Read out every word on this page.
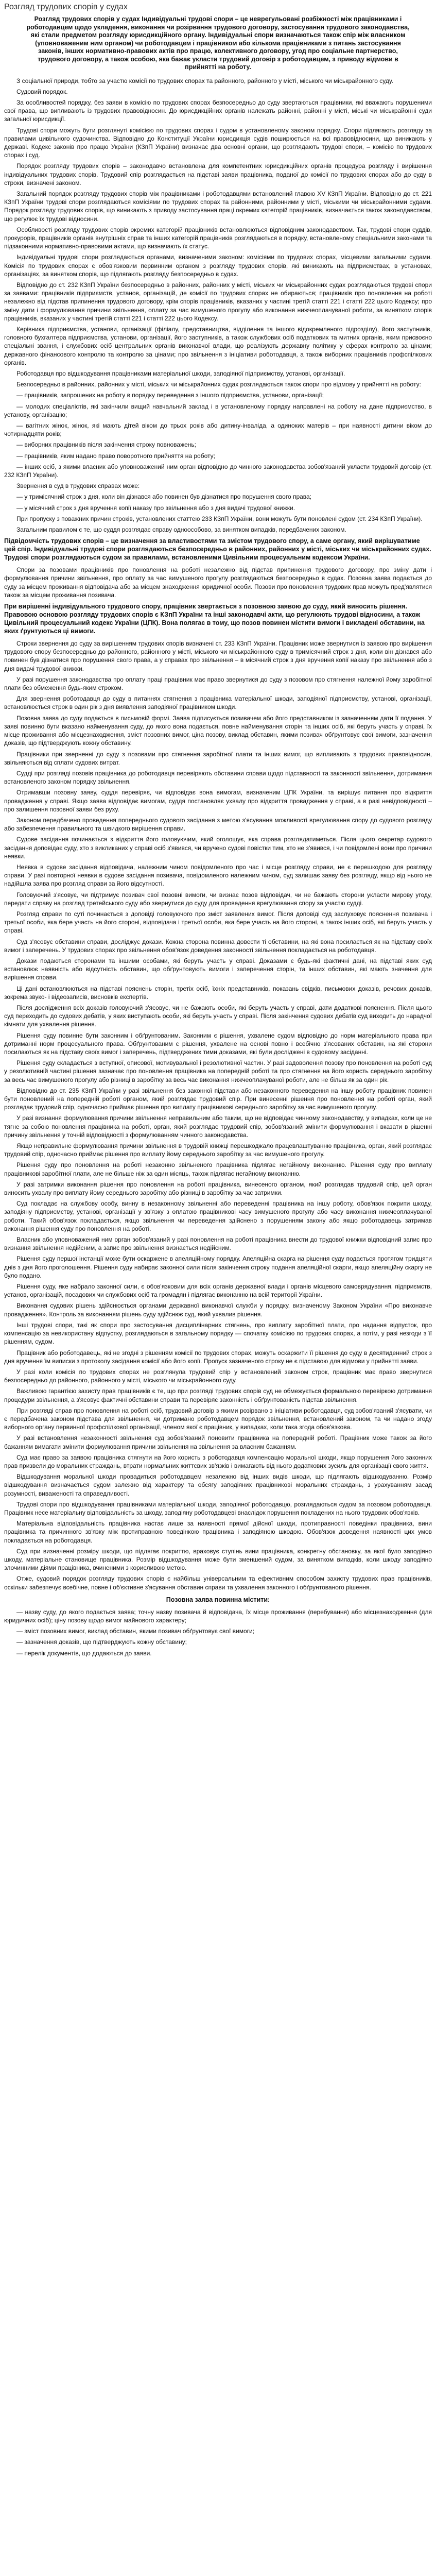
Розгляд трудових спорів у судах
Розгляд трудових спорів у судах Індивідуальні трудові спори – це неврегульовані розбіжності між працівниками і роботодавцем щодо укладення, виконання чи розірвання трудового договору, застосування трудового законодавства, які стали предметом розгляду юрисдикційного органу. Індивідуальні спори визначаються також спір між власником (уповноваженим ним органом) чи роботодавцем і працівником або кількома працівниками з питань застосування законів, інших нормативно-правових актів про працю, колективного договору, угод про соціальне партнерство, трудового договору, а також особою, яка бажає укласти трудовий договір з роботодавцем, з приводу відмови в прийнятті на роботу.
З соціальної природи, тобто за участю комісії по трудових спорах та районного, районного у місті, міського чи міськрайонного суду.
Судовий порядок.
За особливостей порядку, без заяви в комісію по трудових спорах безпосередньо до суду звертаються працівники, які вважають порушеними свої права, що випливають із трудових правовідносин. До юрисдикційних органів належать районні, районні у місті, міські чи міськрайонні суди загальної юрисдикції.
Трудові спори можуть бути розглянуті комісією по трудових спорах і судом в установленому законом порядку. Спори підлягають розгляду за правилами цивільного судочинства. Відповідно до Конституції України юрисдикція судів поширюється на всі правовідносини, що виникають у державі. Кодекс законів про працю України (КЗпП України) визначає два основні органи, що розглядають трудові спори, – комісію по трудових спорах і суд.
Порядок розгляду трудових спорів – законодавчо встановлена для компетентних юрисдикційних органів процедура розгляду і вирішення індивідуальних трудових спорів. Трудовий спір розглядається на підставі заяви працівника, поданої до комісії по трудових спорах або до суду в строки, визначені законом.
Загальний порядок розгляду трудових спорів між працівниками і роботодавцями встановлений главою XV КЗпП України. Відповідно до ст. 221 КЗпП України трудові спори розглядаються комісіями по трудових спорах та районними, районними у місті, міськими чи міськрайонними судами. Порядок розгляду трудових спорів, що виникають з приводу застосування праці окремих категорій працівників, визначається також законодавством, що регулює їх трудові відносини.
Особливості розгляду трудових спорів окремих категорій працівників встановлюються відповідним законодавством. Так, трудові спори суддів, прокурорів, працівників органів внутрішніх справ та інших категорій працівників розглядаються в порядку, встановленому спеціальними законами та підзаконними нормативно-правовими актами, що визначають їх статус.
Індивідуальні трудові спори розглядаються органами, визначеними законом: комісіями по трудових спорах, місцевими загальними судами. Комісія по трудових спорах є обов'язковим первинним органом з розгляду трудових спорів, які виникають на підприємствах, в установах, організаціях, за винятком спорів, що підлягають розгляду безпосередньо в судах.
Відповідно до ст. 232 КЗпП України безпосередньо в районних, районних у місті, міських чи міськрайонних судах розглядаються трудові спори за заявами: працівників підприємств, установ, організацій, де комісії по трудових спорах не обираються; працівників про поновлення на роботі незалежно від підстав припинення трудового договору, крім спорів працівників, вказаних у частині третій статті 221 і статті 222 цього Кодексу; про зміну дати і формулювання причини звільнення, оплату за час вимушеного прогулу або виконання нижчеоплачуваної роботи, за винятком спорів працівників, вказаних у частині третій статті 221 і статті 222 цього Кодексу.
Керівника підприємства, установи, організації (філіалу, представництва, відділення та іншого відокремленого підрозділу), його заступників, головного бухгалтера підприємства, установи, організації, його заступників, а також службових осіб податкових та митних органів, яким присвоєно спеціальні звання, і службових осіб центральних органів виконавчої влади, що реалізують державну політику у сферах контролю за цінами; державного фінансового контролю та контролю за цінами; про звільнення з ініціативи роботодавця, а також виборних працівників профспілкових органів.
Роботодавця про відшкодування працівниками матеріальної шкоди, заподіяної підприємству, установі, організації.
Безпосередньо в районних, районних у місті, міських чи міськрайонних судах розглядаються також спори про відмову у прийнятті на роботу:
— працівників, запрошених на роботу в порядку переведення з іншого підприємства, установи, організації;
— молодих спеціалістів, які закінчили вищий навчальний заклад і в установленому порядку направлені на роботу на дане підприємство, в установу, організацію;
— вагітних жінок, жінок, які мають дітей віком до трьох років або дитину-інваліда, а одиноких матерів – при наявності дитини віком до чотирнадцяти років;
— виборних працівників після закінчення строку повноважень;
— працівників, яким надано право поворотного прийняття на роботу;
— інших осіб, з якими власник або уповноважений ним орган відповідно до чинного законодавства зобов'язаний укласти трудовий договір (ст. 232 КЗпП України).
Звернення в суд в трудових справах може:
— у тримісячний строк з дня, коли він дізнався або повинен був дізнатися про порушення свого права;
— у місячний строк з дня вручення копії наказу про звільнення або з дня видачі трудової книжки.
При пропуску з поважних причин строків, установлених статтею 233 КЗпП України, вони можуть бути поновлені судом (ст. 234 КЗпП України).
Загальним правилом є те, що суддя розглядає справу одноособово, за винятком випадків, передбачених законом.
Підвідомчість трудових спорів – це визначення за властивостями та змістом трудового спору, а саме органу, який вирішуватиме цей спір. Індивідуальні трудові спори розглядаються безпосередньо в районних, районних у місті, міських чи міськрайонних судах. Трудові спори розглядаються судом за правилами, встановленими Цивільним процесуальним кодексом України.
Спори за позовами працівників про поновлення на роботі незалежно від підстав припинення трудового договору, про зміну дати і формулювання причини звільнення, про оплату за час вимушеного прогулу розглядаються безпосередньо в судах. Позовна заява подається до суду за місцем проживання відповідача або за місцем знаходження юридичної особи. Позови про поновлення трудових прав можуть пред'являтися також за місцем проживання позивача.
При вирішенні індивідуального трудового спору, працівник звертається з позовною заявою до суду, який виносить рішення. Правовою основою розгляду трудових спорів є КЗпП України та інші законодавчі акти, що регулюють трудові відносини, а також Цивільний процесуальний кодекс України (ЦПК). Вона полягає в тому, що позов повинен містити вимоги і викладені обставини, на яких ґрунтуються ці вимоги.
Строки звернення до суду за вирішенням трудових спорів визначені ст. 233 КЗпП України. Працівник може звернутися із заявою про вирішення трудового спору безпосередньо до районного, районного у місті, міського чи міськрайонного суду в тримісячний строк з дня, коли він дізнався або повинен був дізнатися про порушення свого права, а у справах про звільнення – в місячний строк з дня вручення копії наказу про звільнення або з дня видачі трудової книжки.
У разі порушення законодавства про оплату праці працівник має право звернутися до суду з позовом про стягнення належної йому заробітної плати без обмеження будь-яким строком.
Для звернення роботодавця до суду в питаннях стягнення з працівника матеріальної шкоди, заподіяної підприємству, установі, організації, встановлюється строк в один рік з дня виявлення заподіяної працівником шкоди.
Позовна заява до суду подається в письмовій формі. Заява підписується позивачем або його представником із зазначенням дати її подання. У заяві повинно бути вказано найменування суду, до якого вона подається, повне найменування сторін та інших осіб, які беруть участь у справі, їх місце проживання або місцезнаходження, зміст позовних вимог, ціна позову, виклад обставин, якими позивач обґрунтовує свої вимоги, зазначення доказів, що підтверджують кожну обставину.
Працівники при зверненні до суду з позовами про стягнення заробітної плати та інших вимог, що випливають з трудових правовідносин, звільняються від сплати судових витрат.
Судді при розгляді позовів працівника до роботодавця перевіряють обставини справи щодо підставності та законності звільнення, дотримання встановленого законом порядку звільнення.
Отримавши позовну заяву, суддя перевіряє, чи відповідає вона вимогам, визначеним ЦПК України, та вирішує питання про відкриття провадження у справі. Якщо заява відповідає вимогам, суддя постановляє ухвалу про відкриття провадження у справі, а в разі невідповідності – про залишення позовної заяви без руху.
Законом передбачено проведення попереднього судового засідання з метою з'ясування можливості врегулювання спору до судового розгляду або забезпечення правильного та швидкого вирішення справи.
Судове засідання починається з відкриття його головуючим, який оголошує, яка справа розглядатиметься. Після цього секретар судового засідання доповідає суду, хто з викликаних у справі осіб з'явився, чи вручено судові повістки тим, хто не з'явився, і чи повідомлені вони про причини неявки.
Неявка в судове засідання відповідача, належним чином повідомленого про час і місце розгляду справи, не є перешкодою для розгляду справи. У разі повторної неявки в судове засідання позивача, повідомленого належним чином, суд залишає заяву без розгляду, якщо від нього не надійшла заява про розгляд справи за його відсутності.
Головуючий з'ясовує, чи підтримує позивач свої позовні вимоги, чи визнає позов відповідач, чи не бажають сторони укласти мирову угоду, передати справу на розгляд третейського суду або звернутися до суду для проведення врегулювання спору за участю судді.
Розгляд справи по суті починається з доповіді головуючого про зміст заявлених вимог. Після доповіді суд заслуховує пояснення позивача і третьої особи, яка бере участь на його стороні, відповідача і третьої особи, яка бере участь на його стороні, а також інших осіб, які беруть участь у справі.
Суд з'ясовує обставини справи, досліджує докази. Кожна сторона повинна довести ті обставини, на які вона посилається як на підставу своїх вимог і заперечень. У трудових спорах про звільнення обов'язок доведення законності звільнення покладається на роботодавця.
Докази подаються сторонами та іншими особами, які беруть участь у справі. Доказами є будь-які фактичні дані, на підставі яких суд встановлює наявність або відсутність обставин, що обґрунтовують вимоги і заперечення сторін, та інших обставин, які мають значення для вирішення справи.
Ці дані встановлюються на підставі пояснень сторін, третіх осіб, їхніх представників, показань свідків, письмових доказів, речових доказів, зокрема звуко- і відеозаписів, висновків експертів.
Після дослідження всіх доказів головуючий з'ясовує, чи не бажають особи, які беруть участь у справі, дати додаткові пояснення. Після цього суд переходить до судових дебатів, у яких виступають особи, які беруть участь у справі. Після закінчення судових дебатів суд виходить до нарадчої кімнати для ухвалення рішення.
Рішення суду повинне бути законним і обґрунтованим. Законним є рішення, ухвалене судом відповідно до норм матеріального права при дотриманні норм процесуального права. Обґрунтованим є рішення, ухвалене на основі повно і всебічно з'ясованих обставин, на які сторони посилаються як на підставу своїх вимог і заперечень, підтверджених тими доказами, які були досліджені в судовому засіданні.
Рішення суду складається з вступної, описової, мотивувальної і резолютивної частин. У разі задоволення позову про поновлення на роботі суд у резолютивній частині рішення зазначає про поновлення працівника на попередній роботі та про стягнення на його користь середнього заробітку за весь час вимушеного прогулу або різниці в заробітку за весь час виконання нижчеоплачуваної роботи, але не більш як за один рік.
Відповідно до ст. 235 КЗпП України у разі звільнення без законної підстави або незаконного переведення на іншу роботу працівник повинен бути поновлений на попередній роботі органом, який розглядає трудовий спір. При винесенні рішення про поновлення на роботі орган, який розглядає трудовий спір, одночасно приймає рішення про виплату працівникові середнього заробітку за час вимушеного прогулу.
У разі визнання формулювання причини звільнення неправильним або таким, що не відповідає чинному законодавству, у випадках, коли це не тягне за собою поновлення працівника на роботі, орган, який розглядає трудовий спір, зобов'язаний змінити формулювання і вказати в рішенні причину звільнення у точній відповідності з формулюванням чинного законодавства.
Якщо неправильне формулювання причини звільнення в трудовій книжці перешкоджало працевлаштуванню працівника, орган, який розглядає трудовий спір, одночасно приймає рішення про виплату йому середнього заробітку за час вимушеного прогулу.
Рішення суду про поновлення на роботі незаконно звільненого працівника підлягає негайному виконанню. Рішення суду про виплату працівникові заробітної плати, але не більше ніж за один місяць, також підлягає негайному виконанню.
У разі затримки виконання рішення про поновлення на роботі працівника, винесеного органом, який розглядав трудовий спір, цей орган виносить ухвалу про виплату йому середнього заробітку або різниці в заробітку за час затримки.
Суд покладає на службову особу, винну в незаконному звільненні або переведенні працівника на іншу роботу, обов'язок покрити шкоду, заподіяну підприємству, установі, організації у зв'язку з оплатою працівникові часу вимушеного прогулу або часу виконання нижчеоплачуваної роботи. Такий обов'язок покладається, якщо звільнення чи переведення здійснено з порушенням закону або якщо роботодавець затримав виконання рішення суду про поновлення на роботі.
Власник або уповноважений ним орган зобов'язаний у разі поновлення на роботі працівника внести до трудової книжки відповідний запис про визнання звільнення недійсним, а запис про звільнення визнається недійсним.
Рішення суду першої інстанції може бути оскаржене в апеляційному порядку. Апеляційна скарга на рішення суду подається протягом тридцяти днів з дня його проголошення. Рішення суду набирає законної сили після закінчення строку подання апеляційної скарги, якщо апеляційну скаргу не було подано.
Рішення суду, яке набрало законної сили, є обов'язковим для всіх органів державної влади і органів місцевого самоврядування, підприємств, установ, організацій, посадових чи службових осіб та громадян і підлягає виконанню на всій території України.
Виконання судових рішень здійснюється органами державної виконавчої служби у порядку, визначеному Законом України «Про виконавче провадження». Контроль за виконанням рішень суду здійснює суд, який ухвалив рішення.
Інші трудові спори, такі як спори про застосування дисциплінарних стягнень, про виплату заробітної плати, про надання відпусток, про компенсацію за невикористану відпустку, розглядаються в загальному порядку — спочатку комісією по трудових спорах, а потім, у разі незгоди з її рішенням, судом.
Працівник або роботодавець, які не згодні з рішенням комісії по трудових спорах, можуть оскаржити її рішення до суду в десятиденний строк з дня вручення їм виписки з протоколу засідання комісії або його копії. Пропуск зазначеного строку не є підставою для відмови у прийнятті заяви.
У разі коли комісія по трудових спорах не розглянула трудовий спір у встановлений законом строк, працівник має право звернутися безпосередньо до районного, районного у місті, міського чи міськрайонного суду.
Важливою гарантією захисту прав працівників є те, що при розгляді трудових спорів суд не обмежується формальною перевіркою дотримання процедури звільнення, а з'ясовує фактичні обставини справи та перевіряє законність і обґрунтованість підстав звільнення.
При розгляді справ про поновлення на роботі осіб, трудовий договір з якими розірвано з ініціативи роботодавця, суд зобов'язаний з'ясувати, чи є передбачена законом підстава для звільнення, чи дотримано роботодавцем порядок звільнення, встановлений законом, та чи надано згоду виборного органу первинної профспілкової організації, членом якої є працівник, у випадках, коли така згода обов'язкова.
У разі встановлення незаконності звільнення суд зобов'язаний поновити працівника на попередній роботі. Працівник може також за його бажанням вимагати змінити формулювання причини звільнення на звільнення за власним бажанням.
Суд має право за заявою працівника стягнути на його користь з роботодавця компенсацію моральної шкоди, якщо порушення його законних прав призвели до моральних страждань, втрати нормальних життєвих зв'язків і вимагають від нього додаткових зусиль для організації свого життя.
Відшкодування моральної шкоди провадиться роботодавцем незалежно від інших видів шкоди, що підлягають відшкодуванню. Розмір відшкодування визначається судом залежно від характеру та обсягу заподіяних працівникові моральних страждань, з урахуванням засад розумності, виваженості та справедливості.
Трудові спори про відшкодування працівниками матеріальної шкоди, заподіяної роботодавцю, розглядаються судом за позовом роботодавця. Працівник несе матеріальну відповідальність за шкоду, заподіяну роботодавцеві внаслідок порушення покладених на нього трудових обов'язків.
Матеріальна відповідальність працівника настає лише за наявності прямої дійсної шкоди, протиправності поведінки працівника, вини працівника та причинного зв'язку між протиправною поведінкою працівника і заподіяною шкодою. Обов'язок доведення наявності цих умов покладається на роботодавця.
Суд при визначенні розміру шкоди, що підлягає покриттю, враховує ступінь вини працівника, конкретну обстановку, за якої було заподіяно шкоду, матеріальне становище працівника. Розмір відшкодування може бути зменшений судом, за винятком випадків, коли шкоду заподіяно злочинними діями працівника, вчиненими з корисливою метою.
Отже, судовий порядок розгляду трудових спорів є найбільш універсальним та ефективним способом захисту трудових прав працівників, оскільки забезпечує всебічне, повне і об'єктивне з'ясування обставин справи та ухвалення законного і обґрунтованого рішення.
Позовна заява повинна містити:
— назву суду, до якого подається заява; точну назву позивача й відповідача, їх місце проживання (перебування) або місцезнаходження (для юридичних осіб); ціну позову щодо вимог майнового характеру;
— зміст позовних вимог, виклад обставин, якими позивач обґрунтовує свої вимоги;
— зазначення доказів, що підтверджують кожну обставину;
— перелік документів, що додаються до заяви.
